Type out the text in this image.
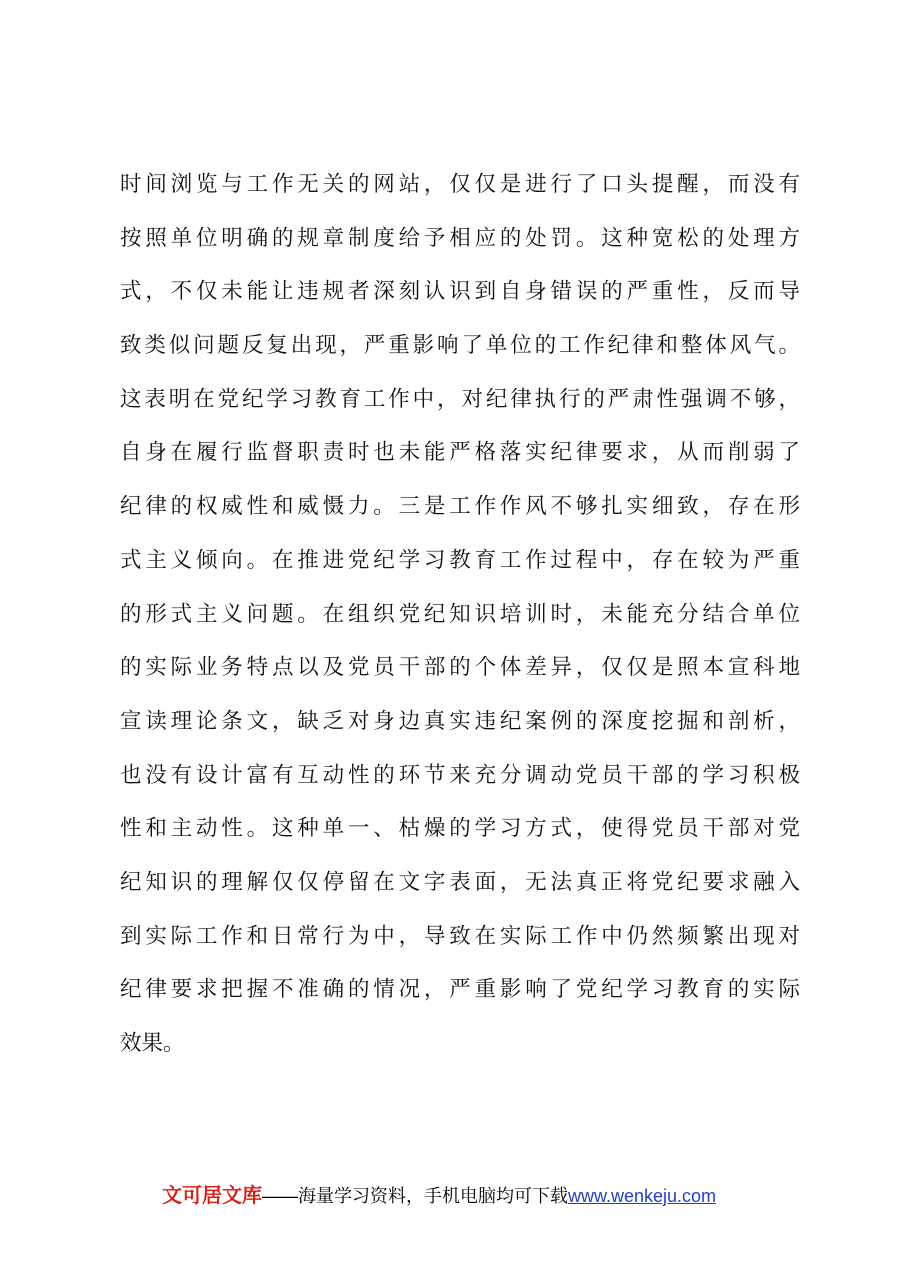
时间浏览与工作无关的网站，仅仅是进行了口头提醒，而没有
按照单位明确的规章制度给予相应的处罚。这种宽松的处理方
式，不仅未能让违规者深刻认识到自身错误的严重性，反而导
致类似问题反复出现，严重影响了单位的工作纪律和整体风气。
这表明在党纪学习教育工作中，对纪律执行的严肃性强调不够，
自身在履行监督职责时也未能严格落实纪律要求，从而削弱了
纪律的权威性和威慑力。三是工作作风不够扎实细致，存在形
式主义倾向。在推进党纪学习教育工作过程中，存在较为严重
的形式主义问题。在组织党纪知识培训时，未能充分结合单位
的实际业务特点以及党员干部的个体差异，仅仅是照本宣科地
宣读理论条文，缺乏对身边真实违纪案例的深度挖掘和剖析，
也没有设计富有互动性的环节来充分调动党员干部的学习积极
性和主动性。这种单一、枯燥的学习方式，使得党员干部对党
纪知识的理解仅仅停留在文字表面，无法真正将党纪要求融入
到实际工作和日常行为中，导致在实际工作中仍然频繁出现对
纪律要求把握不准确的情况，严重影响了党纪学习教育的实际
效果。
文可居文库——海量学习资料，手机电脑均可下载www.wenkeju.com
